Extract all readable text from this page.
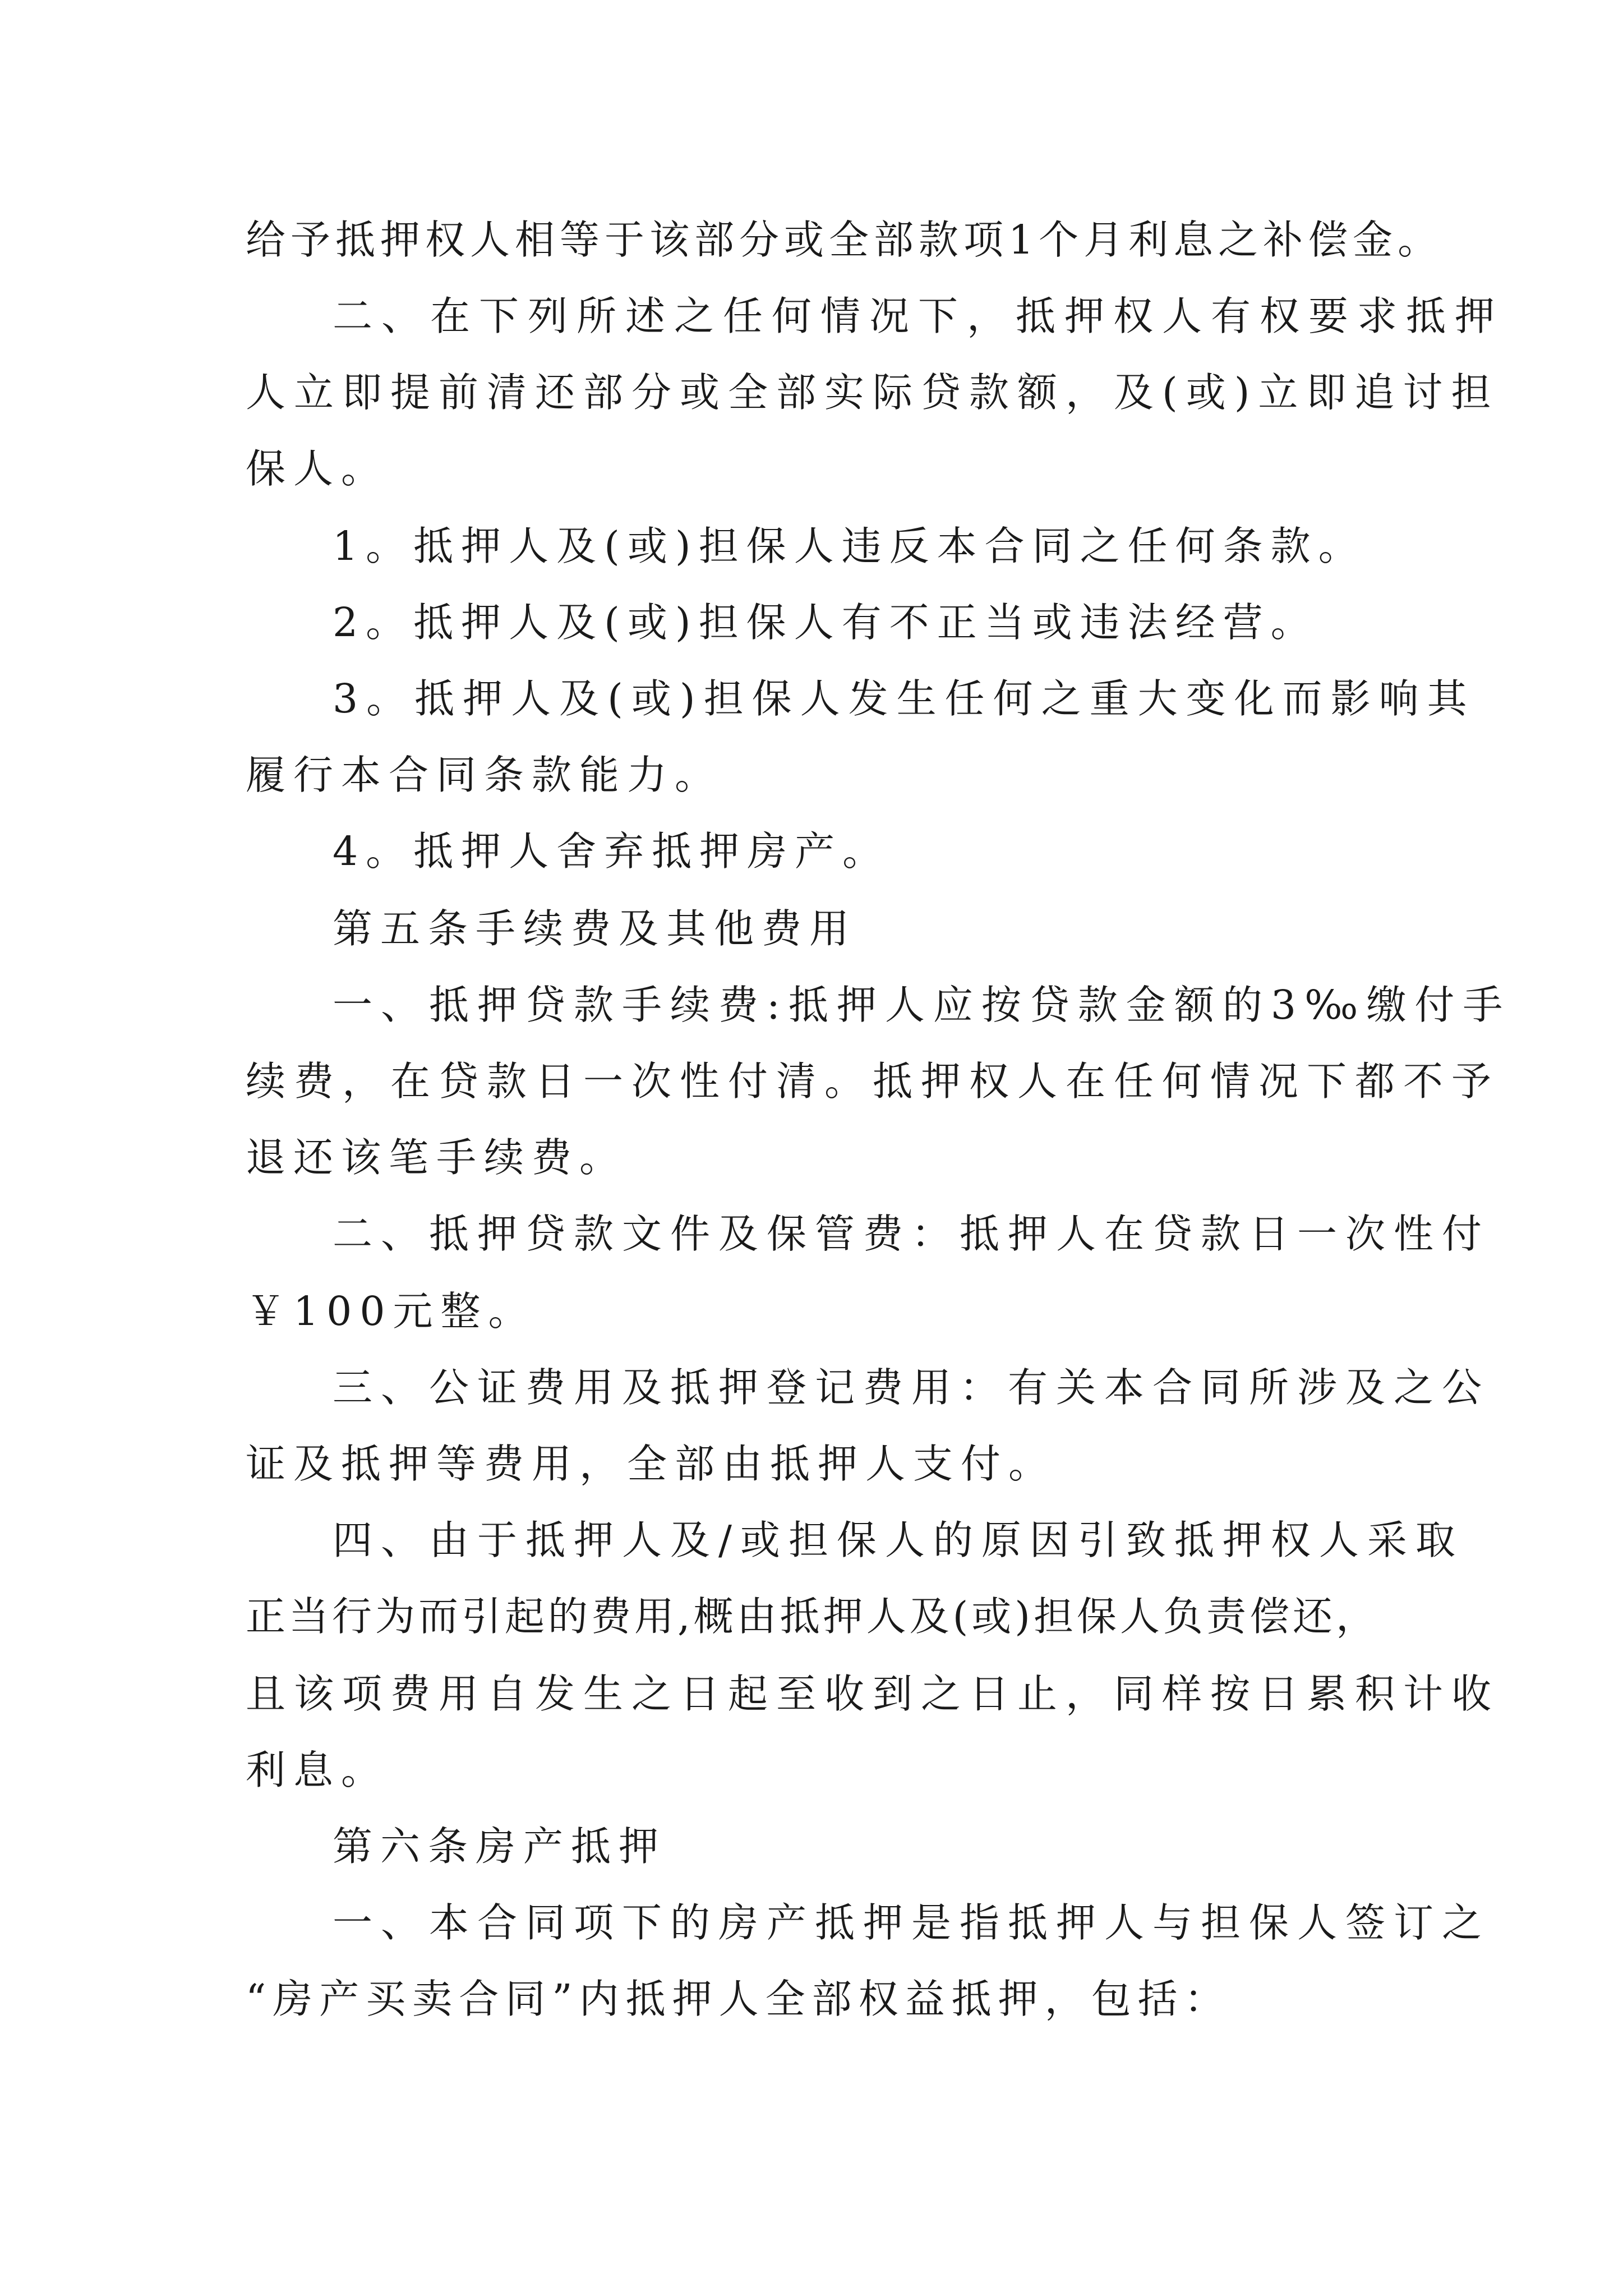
给予抵押权人相等于该部分或全部款项1个月利息之补偿金。

二、在下列所述之任何情况下，抵押权人有权要求抵押

人立即提前清还部分或全部实际贷款额，及(或)立即追讨担

保人。

1。抵押人及(或)担保人违反本合同之任何条款。

2。抵押人及(或)担保人有不正当或违法经营。

3。抵押人及(或)担保人发生任何之重大变化而影响其

履行本合同条款能力。

4。抵押人舍弃抵押房产。

第五条手续费及其他费用

一、抵押贷款手续费:抵押人应按贷款金额的3‰缴付手

续费，在贷款日一次性付清。抵押权人在任何情况下都不予

退还该笔手续费。

二、抵押贷款文件及保管费：抵押人在贷款日一次性付

￥100元整。

三、公证费用及抵押登记费用：有关本合同所涉及之公

证及抵押等费用，全部由抵押人支付。

四、由于抵押人及/或担保人的原因引致抵押权人采取

正当行为而引起的费用,概由抵押人及(或)担保人负责偿还，

且该项费用自发生之日起至收到之日止，同样按日累积计收

利息。

第六条房产抵押

一、本合同项下的房产抵押是指抵押人与担保人签订之

“房产买卖合同”内抵押人全部权益抵押，包括：
